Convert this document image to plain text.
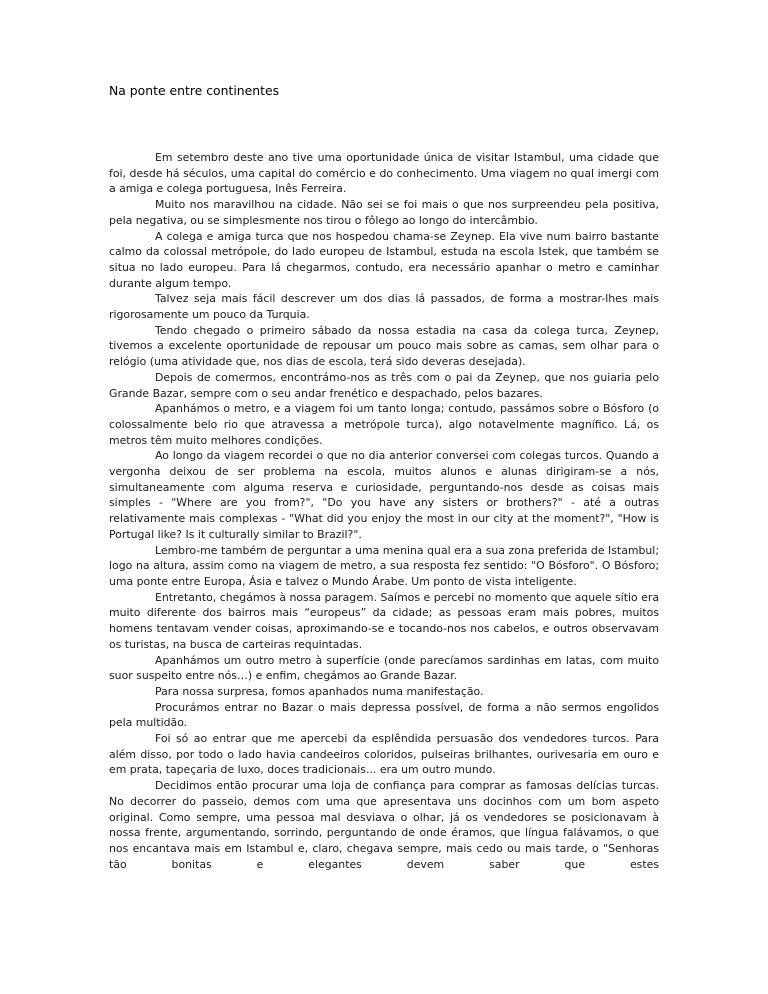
Na ponte entre continentes

Em setembro deste ano tive uma oportunidade única de visitar Istambul, uma cidade que foi, desde há séculos, uma capital do comércio e do conhecimento. Uma viagem no qual imergi com a amiga e colega portuguesa, Inês Ferreira.

Muito nos maravilhou na cidade. Não sei se foi mais o que nos surpreendeu pela positiva, pela negativa, ou se simplesmente nos tirou o fôlego ao longo do intercâmbio.

A colega e amiga turca que nos hospedou chama-se Zeynep. Ela vive num bairro bastante calmo da colossal metrópole, do lado europeu de Istambul, estuda na escola Istek, que também se situa no lado europeu. Para lá chegarmos, contudo, era necessário apanhar o metro e caminhar durante algum tempo.

Talvez seja mais fácil descrever um dos dias lá passados, de forma a mostrar-lhes mais rigorosamente um pouco da Turquia.

Tendo chegado o primeiro sábado da nossa estadia na casa da colega turca, Zeynep, tivemos a excelente oportunidade de repousar um pouco mais sobre as camas, sem olhar para o relógio (uma atividade que, nos dias de escola, terá sido deveras desejada).

Depois de comermos, encontrámo-nos as três com o pai da Zeynep, que nos guiaria pelo Grande Bazar, sempre com o seu andar frenético e despachado, pelos bazares.

Apanhámos o metro, e a viagem foi um tanto longa; contudo, passámos sobre o Bósforo (o colossalmente belo rio que atravessa a metrópole turca), algo notavelmente magnífico. Lá, os metros têm muito melhores condições.

Ao longo da viagem recordei o que no dia anterior conversei com colegas turcos. Quando a vergonha deixou de ser problema na escola, muitos alunos e alunas dirigiram-se a nós, simultaneamente com alguma reserva e curiosidade, perguntando-nos desde as coisas mais simples - "Where are you from?", "Do you have any sisters or brothers?" - até a outras relativamente mais complexas - "What did you enjoy the most in our city at the moment?", "How is Portugal like? Is it culturally similar to Brazil?".

Lembro-me também de perguntar a uma menina qual era a sua zona preferida de Istambul; logo na altura, assim como na viagem de metro, a sua resposta fez sentido: "O Bósforo". O Bósforo; uma ponte entre Europa, Ásia e talvez o Mundo Árabe. Um ponto de vista inteligente.

Entretanto, chegámos à nossa paragem. Saímos e percebi no momento que aquele sítio era muito diferente dos bairros mais “europeus” da cidade; as pessoas eram mais pobres, muitos homens tentavam vender coisas, aproximando-se e tocando-nos nos cabelos, e outros observavam os turistas, na busca de carteiras requintadas.

Apanhámos um outro metro à superfície (onde parecíamos sardinhas em latas, com muito suor suspeito entre nós…) e enfim, chegámos ao Grande Bazar.

Para nossa surpresa, fomos apanhados numa manifestação.

Procurámos entrar no Bazar o mais depressa possível, de forma a não sermos engolidos pela multidão.

Foi só ao entrar que me apercebi da esplêndida persuasão dos vendedores turcos. Para além disso, por todo o lado havia candeeiros coloridos, pulseiras brilhantes, ourivesaria em ouro e em prata, tapeçaria de luxo, doces tradicionais... era um outro mundo.

Decidimos então procurar uma loja de confiança para comprar as famosas delícias turcas. No decorrer do passeio, demos com uma que apresentava uns docinhos com um bom aspeto original. Como sempre, uma pessoa mal desviava o olhar, já os vendedores se posicionavam à nossa frente, argumentando, sorrindo, perguntando de onde éramos, que língua falávamos, o que nos encantava mais em Istambul e, claro, chegava sempre, mais cedo ou mais tarde, o "Senhoras tão bonitas e elegantes devem saber que estes
